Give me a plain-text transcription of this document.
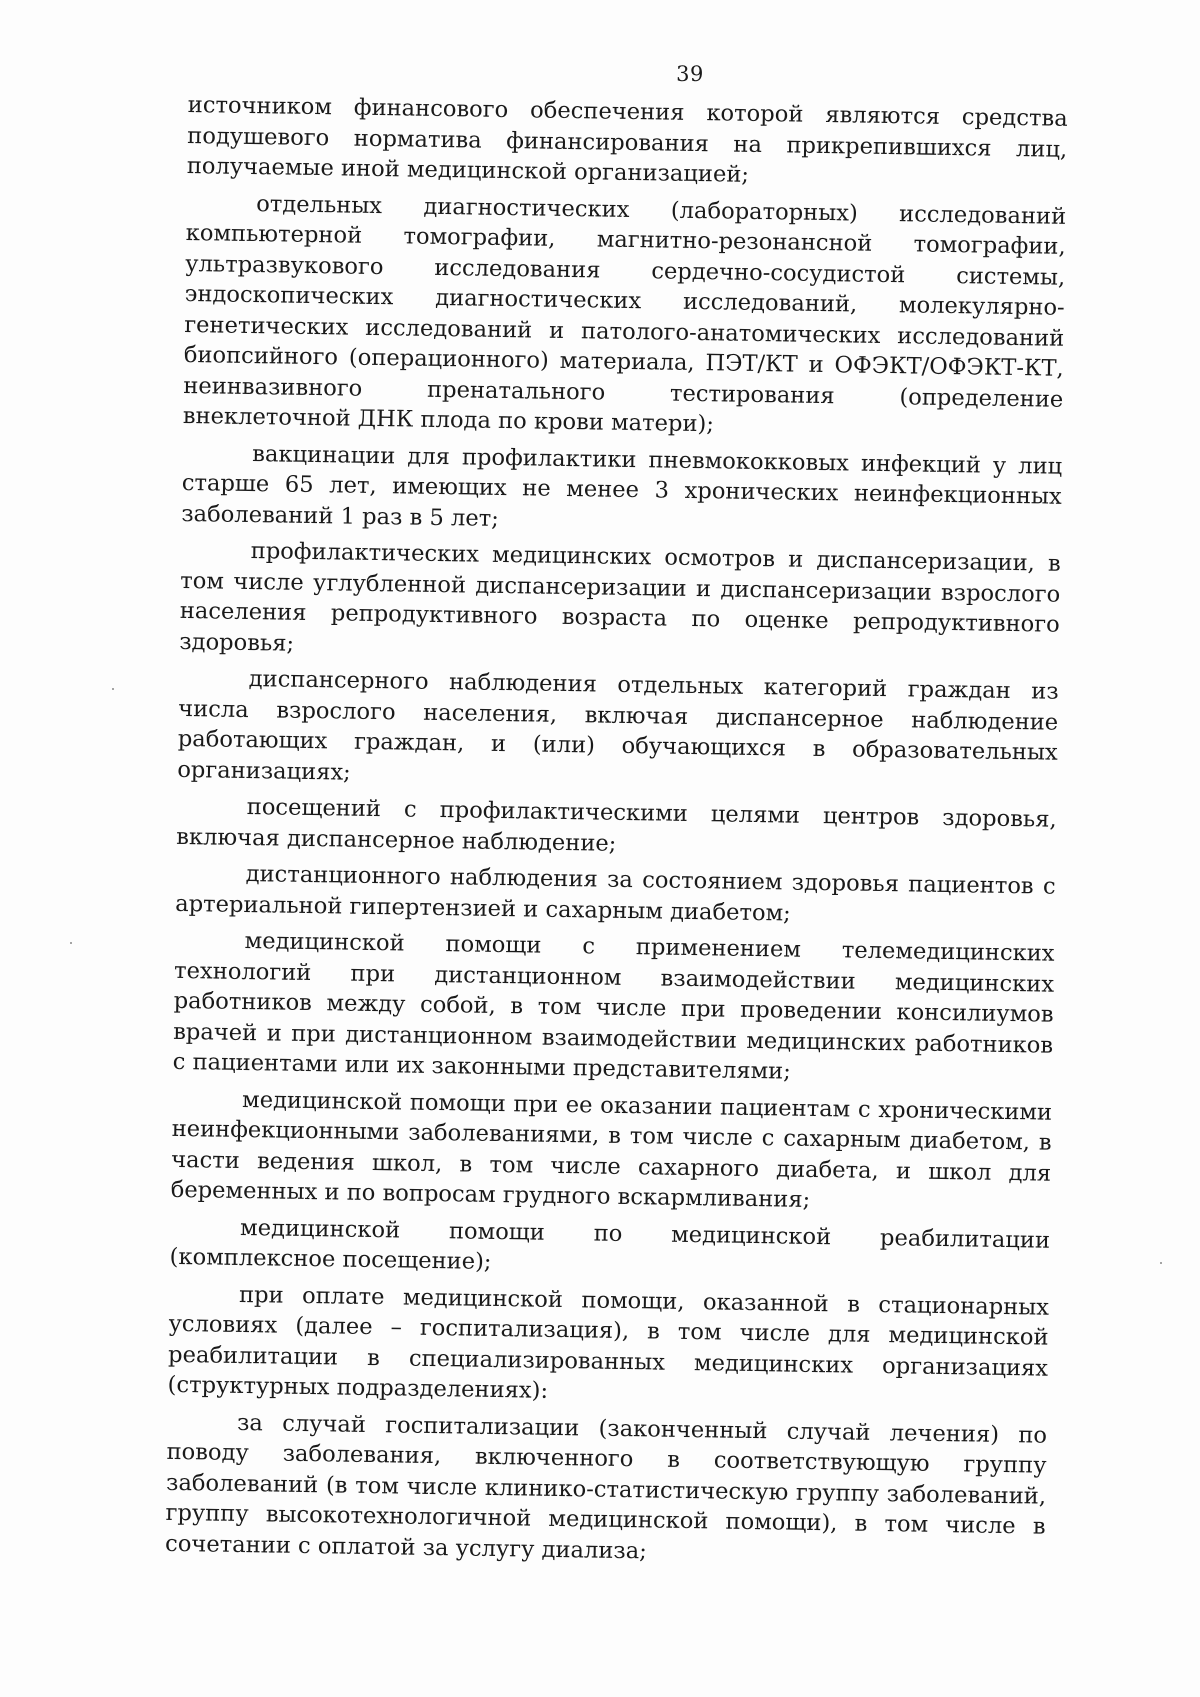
39

источником финансового обеспечения которой являются средства подушевого норматива финансирования на прикрепившихся лиц, получаемые иной медицинской организацией;

отдельных диагностических (лабораторных) исследований компьютерной томографии, магнитно-резонансной томографии, ультразвукового исследования сердечно-сосудистой системы, эндоскопических диагностических исследований, молекулярно-генетических исследований и патолого-анатомических исследований биопсийного (операционного) материала, ПЭТ/КТ и ОФЭКТ/ОФЭКТ-КТ, неинвазивного пренатального тестирования (определение внеклеточной ДНК плода по крови матери);

вакцинации для профилактики пневмококковых инфекций у лиц старше 65 лет, имеющих не менее 3 хронических неинфекционных заболеваний 1 раз в 5 лет;

профилактических медицинских осмотров и диспансеризации, в том числе углубленной диспансеризации и диспансеризации взрослого населения репродуктивного возраста по оценке репродуктивного здоровья;

диспансерного наблюдения отдельных категорий граждан из числа взрослого населения, включая диспансерное наблюдение работающих граждан, и (или) обучающихся в образовательных организациях;

посещений с профилактическими целями центров здоровья, включая диспансерное наблюдение;

дистанционного наблюдения за состоянием здоровья пациентов с артериальной гипертензией и сахарным диабетом;

медицинской помощи с применением телемедицинских технологий при дистанционном взаимодействии медицинских работников между собой, в том числе при проведении консилиумов врачей и при дистанционном взаимодействии медицинских работников с пациентами или их законными представителями;

медицинской помощи при ее оказании пациентам с хроническими неинфекционными заболеваниями, в том числе с сахарным диабетом, в части ведения школ, в том числе сахарного диабета, и школ для беременных и по вопросам грудного вскармливания;

медицинской помощи по медицинской реабилитации (комплексное посещение);

при оплате медицинской помощи, оказанной в стационарных условиях (далее – госпитализация), в том числе для медицинской реабилитации в специализированных медицинских организациях (структурных подразделениях):

за случай госпитализации (законченный случай лечения) по поводу заболевания, включенного в соответствующую группу заболеваний (в том числе клинико-статистическую группу заболеваний, группу высокотехнологичной медицинской помощи), в том числе в сочетании с оплатой за услугу диализа;
